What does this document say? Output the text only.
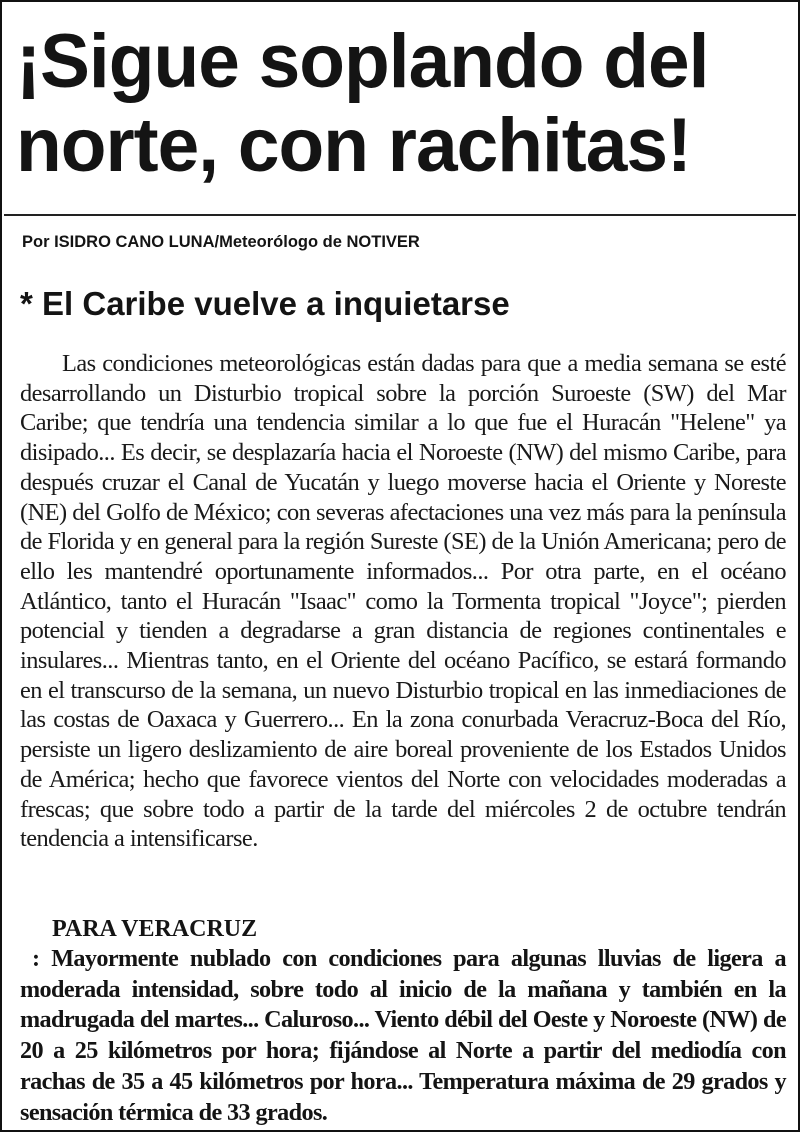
¡Sigue soplando del norte, con rachitas!

Por ISIDRO CANO LUNA/Meteorólogo de NOTIVER

* El Caribe vuelve a inquietarse

Las condiciones meteorológicas están dadas para que a media semana se esté desarrollando un Disturbio tropical sobre la porción Suroeste (SW) del Mar Caribe; que tendría una tendencia similar a lo que fue el Huracán "Helene" ya disipado... Es decir, se desplazaría hacia el Noroeste (NW) del mismo Caribe, para después cruzar el Canal de Yucatán y luego moverse hacia el Oriente y Noreste (NE) del Golfo de México; con severas afectaciones una vez más para la península de Florida y en general para la región Sureste (SE) de la Unión Americana; pero de ello les mantendré oportunamente informados... Por otra parte, en el océano Atlántico, tanto el Huracán "Isaac" como la Tormenta tropical "Joyce"; pierden potencial y tienden a degradarse a gran distancia de regiones continentales e insulares... Mientras tanto, en el Oriente del océano Pacífico, se estará formando en el transcurso de la semana, un nuevo Disturbio tropical en las inmediaciones de las costas de Oaxaca y Guerrero... En la zona conurbada Veracruz-Boca del Río, persiste un ligero deslizamiento de aire boreal proveniente de los Estados Unidos de América; hecho que favorece vientos del Norte con velocidades moderadas a frescas; que sobre todo a partir de la tarde del miércoles 2 de octubre tendrán tendencia a intensificarse.

PARA VERACRUZ

: Mayormente nublado con condiciones para algunas lluvias de ligera a moderada intensidad, sobre todo al inicio de la mañana y también en la madrugada del martes... Caluroso... Viento débil del Oeste y Noroeste (NW) de 20 a 25 kilómetros por hora; fijándose al Norte a partir del mediodía con rachas de 35 a 45 kilómetros por hora... Temperatura máxima de 29 grados y sensación térmica de 33 grados.
